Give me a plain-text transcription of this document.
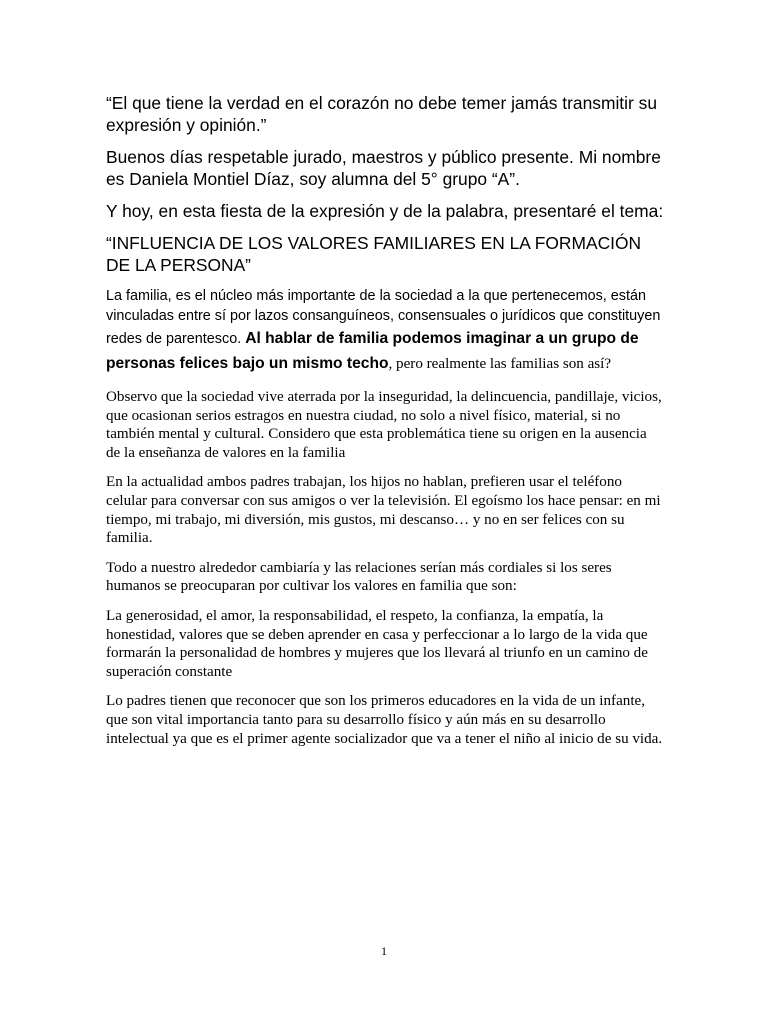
“El que tiene la verdad en el corazón no debe temer jamás transmitir su expresión y opinión.”

Buenos días respetable jurado, maestros y público presente. Mi nombre es Daniela Montiel Díaz, soy alumna del 5° grupo “A”.

Y hoy, en esta fiesta de la expresión y de la palabra, presentaré el tema:

“INFLUENCIA DE LOS VALORES FAMILIARES EN LA FORMACIÓN DE LA PERSONA”

La familia, es el núcleo más importante de la sociedad a la que pertenecemos, están vinculadas entre sí por lazos consanguíneos, consensuales o jurídicos que constituyen redes de parentesco. Al hablar de familia podemos imaginar a un grupo de personas felices bajo un mismo techo, pero realmente las familias son así?

Observo que la sociedad vive aterrada por la inseguridad, la delincuencia, pandillaje, vicios, que ocasionan serios estragos en nuestra ciudad, no solo a nivel físico, material, si no también mental y cultural. Considero que esta problemática tiene su origen en la ausencia de la enseñanza de valores en la familia

En la actualidad ambos padres trabajan, los hijos no hablan, prefieren usar el teléfono celular para conversar con sus amigos o ver la televisión. El egoísmo los hace pensar: en mi tiempo, mi trabajo, mi diversión, mis gustos, mi descanso… y no en ser felices con su familia.

Todo a nuestro alrededor cambiaría y las relaciones serían más cordiales si los seres humanos se preocuparan por cultivar los valores en familia que son:

La generosidad, el amor, la responsabilidad, el respeto, la confianza, la empatía, la honestidad, valores que se deben aprender en casa y perfeccionar a lo largo de la vida que formarán la personalidad de hombres y mujeres que los llevará al triunfo en un camino de superación constante

Lo padres tienen que reconocer que son los primeros educadores en la vida de un infante, que son vital importancia tanto para su desarrollo físico y aún más en su desarrollo intelectual ya que es el primer agente socializador que va a tener el niño al inicio de su vida.

1
